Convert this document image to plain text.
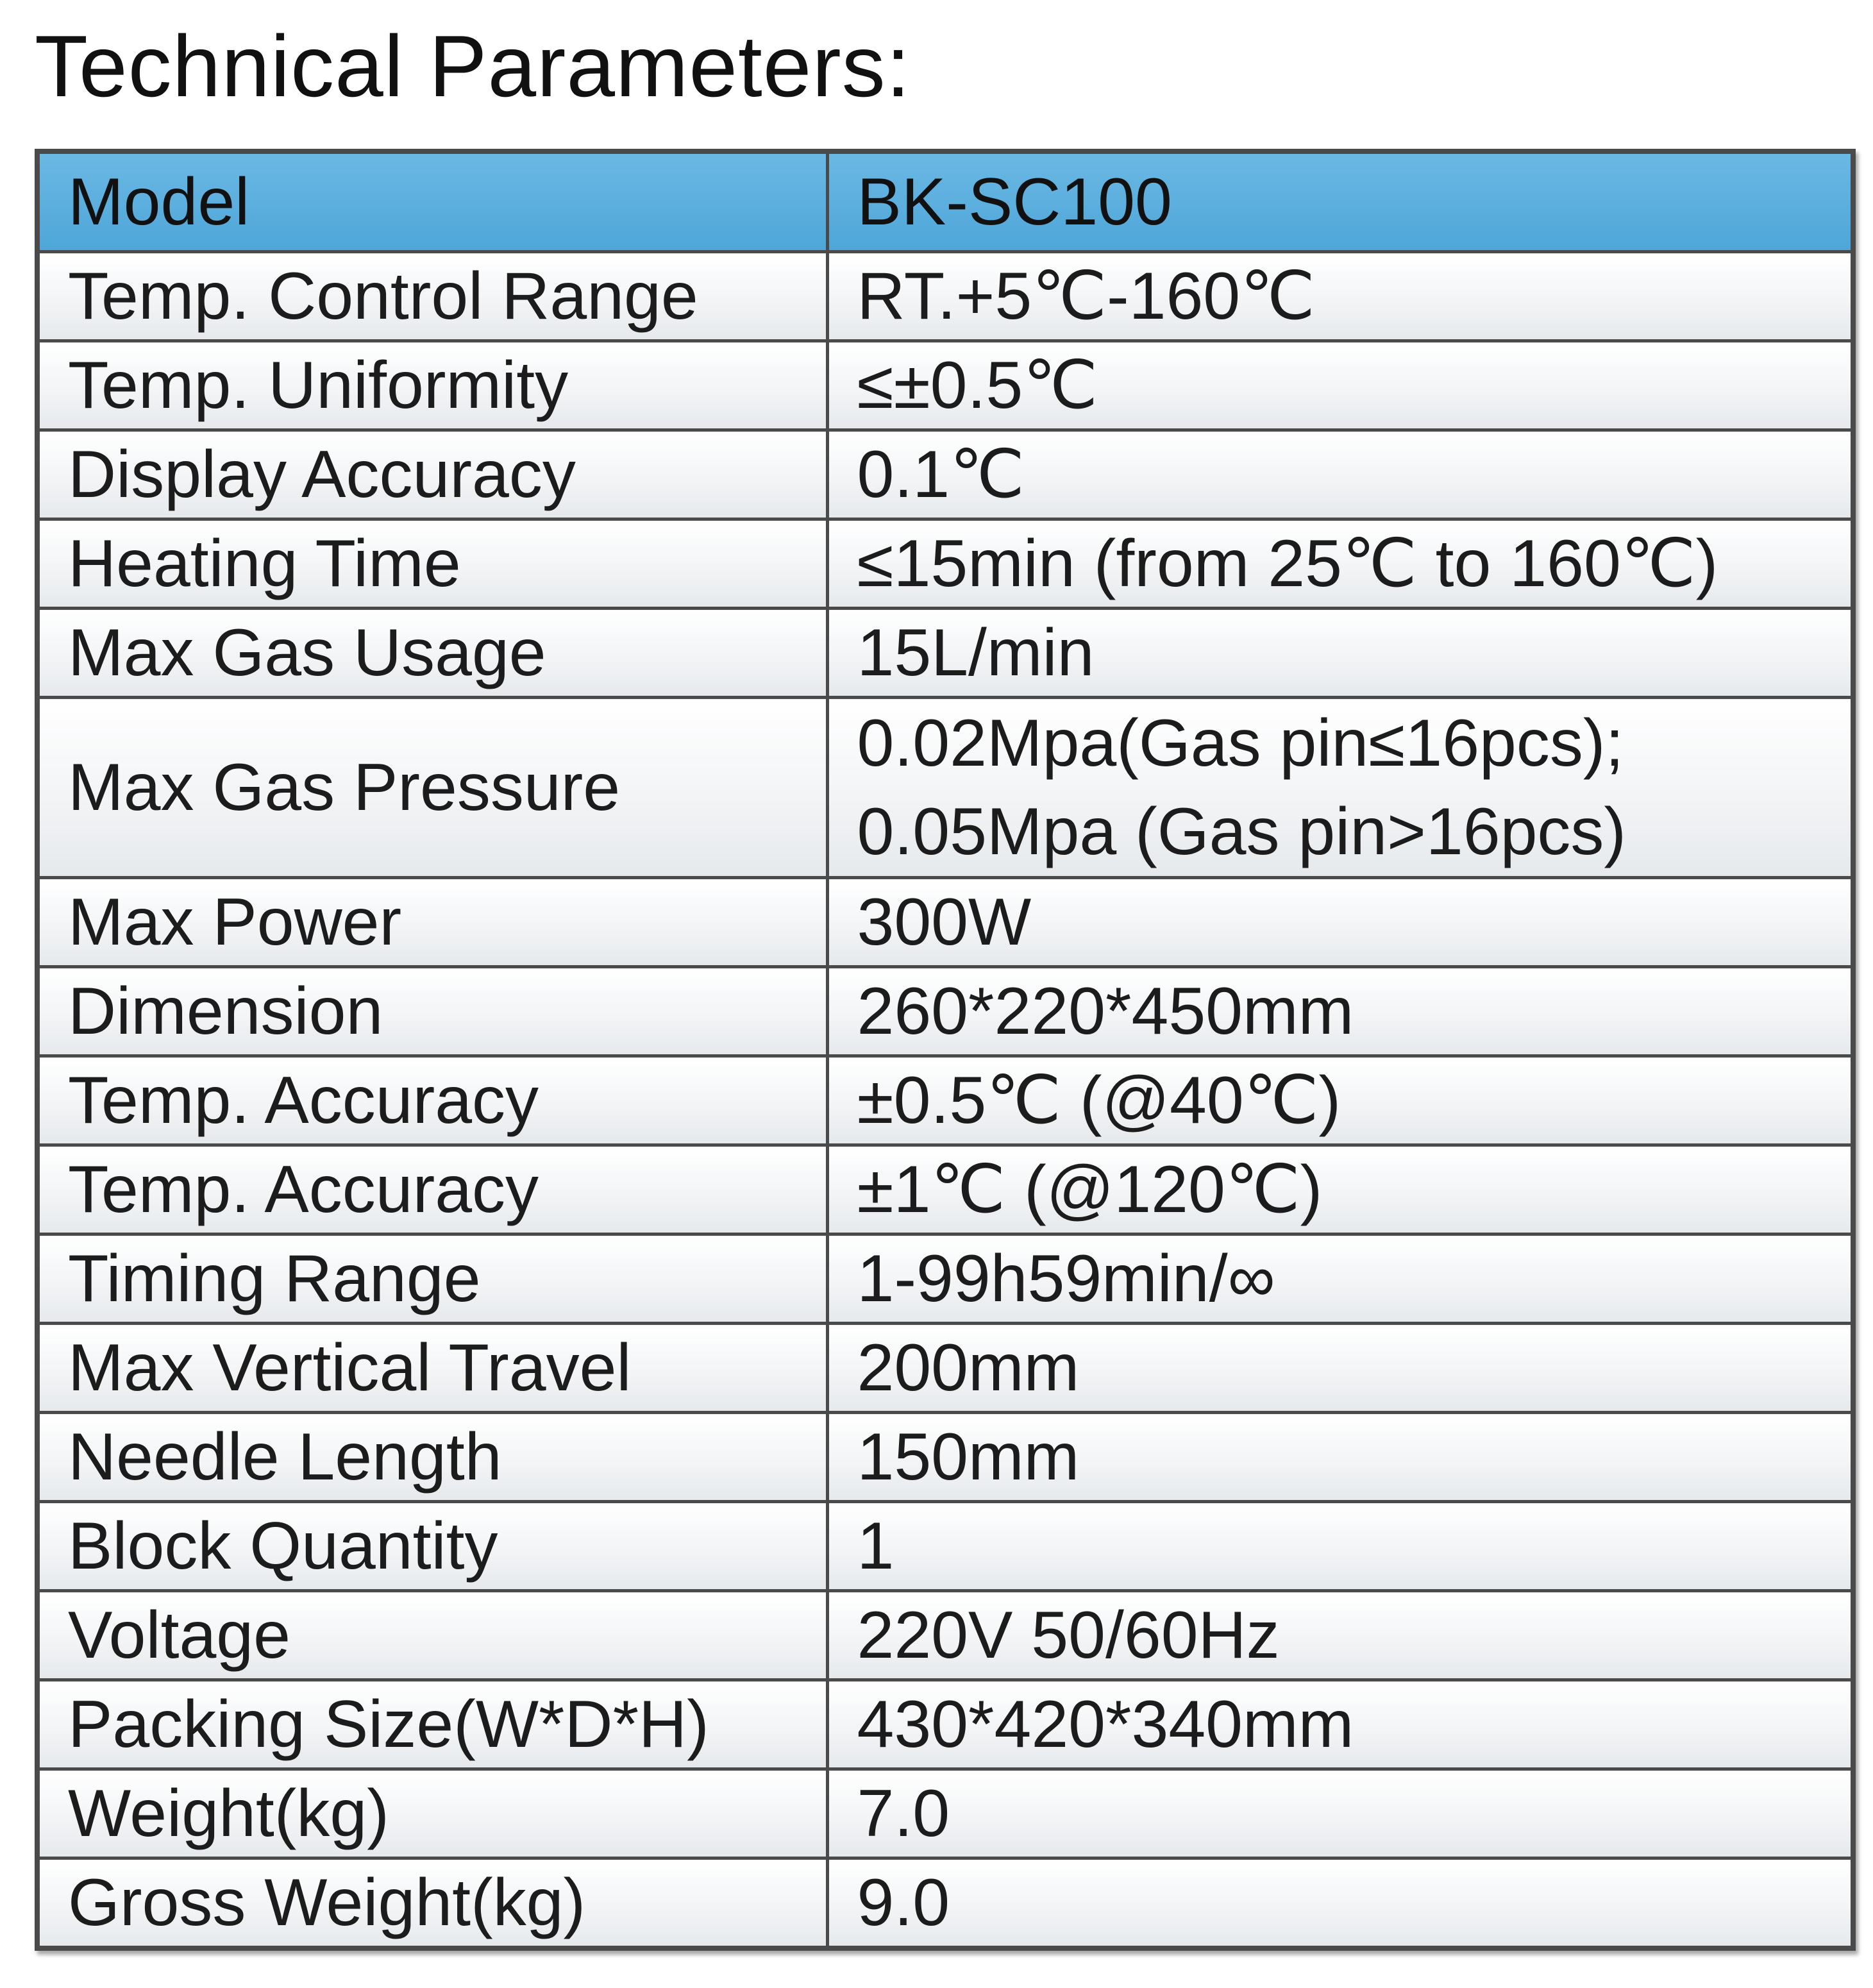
Technical Parameters:
Model	BK-SC100
Temp. Control Range	RT.+5℃-160℃
Temp. Uniformity	≤±0.5℃
Display Accuracy	0.1℃
Heating Time	≤15min (from 25℃ to 160℃)
Max Gas Usage	15L/min
Max Gas Pressure	0.02Mpa(Gas pin≤16pcs);
0.05Mpa (Gas pin>16pcs)

Max Power	300W
Dimension	260*220*450mm
Temp. Accuracy	±0.5℃ (@40℃)
Temp. Accuracy	±1℃ (@120℃)
Timing Range	1-99h59min/∞
Max Vertical Travel	200mm
Needle Length	150mm
Block Quantity	1
Voltage	220V 50/60Hz
Packing Size(W*D*H)	430*420*340mm
Weight(kg)	7.0
Gross Weight(kg)	9.0
